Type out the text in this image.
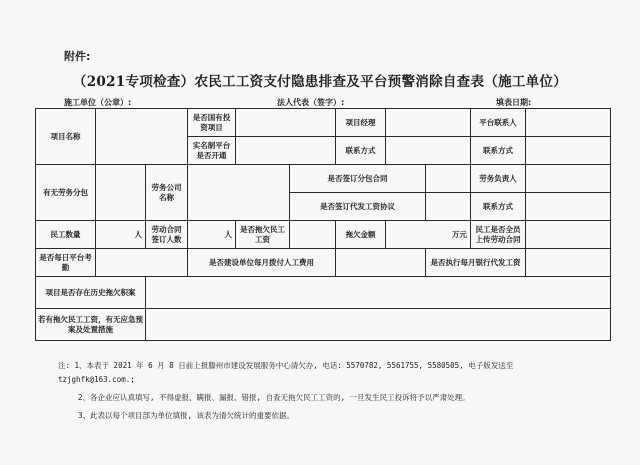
附件:
（2021专项检查）农民工工资支付隐患排查及平台预警消除自查表（施工单位）
施工单位（公章）:	法人代表（签字）:	填表日期:
项目名称			是否国有投资项目			项目经理			平台联系人	
			实名制平台是否开通			联系方式			联系方式	
有无劳务分包		劳务公司名称			是否签订分包合同				劳务负责人	
					是否签订代发工资协议				联系方式	
民工数量	人	劳动合同签订人数	人	是否拖欠民工工资		拖欠金额	万元		民工是否全员上传劳动合同	
是否每日平台考勤			是否建设单位每月拨付人工费用					是否执行每月银行代发工资		
项目是否存在历史拖欠积案										
若有拖欠民工工资，有无应急预案及处置措施										

注: 1、本表于 2021 年 6 月 8 日前上报滕州市建设发展服务中心清欠办, 电话: 5570782, 5561755, 5580505, 电子版发送至

tzjghfk@163.com.;

2、各企业应认真填写, 不得虚报、瞒报、漏报、错报, 自查无拖欠民工工资的, 一旦发生民工投诉将予以严肃处理。

3、此表以每个项目部为单位填报, 该表为清欠统计的重要依据。
